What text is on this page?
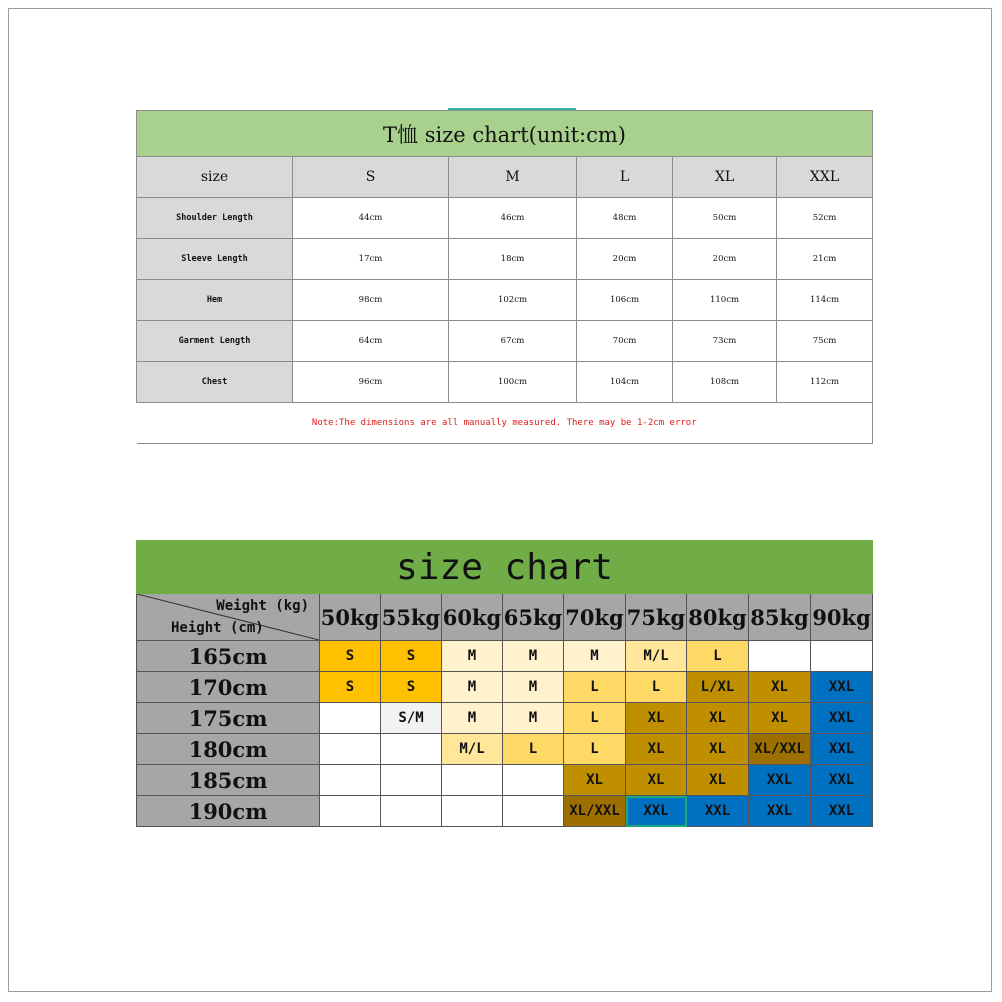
T恤 size chart(unit:cm)					
size	S	M	L	XL	XXL
Shoulder Length	44cm	46cm	48cm	50cm	52cm
Sleeve Length	17cm	18cm	20cm	20cm	21cm
Hem	98cm	102cm	106cm	110cm	114cm
Garment Length	64cm	67cm	70cm	73cm	75cm
Chest	96cm	100cm	104cm	108cm	112cm
Note:The dimensions are all manually measured. There may be 1-2cm error					
size chart									

Weight (kg)
Height (cm)	50kg	55kg	60kg	65kg	70kg	75kg	80kg	85kg	90kg
165cm	S	S	M	M	M	M/L	L		
170cm	S	S	M	M	L	L	L/XL	XL	XXL
175cm		S/M	M	M	L	XL	XL	XL	XXL
180cm			M/L	L	L	XL	XL	XL/XXL	XXL
185cm					XL	XL	XL	XXL	XXL
190cm					XL/XXL	XXL	XXL	XXL	XXL
